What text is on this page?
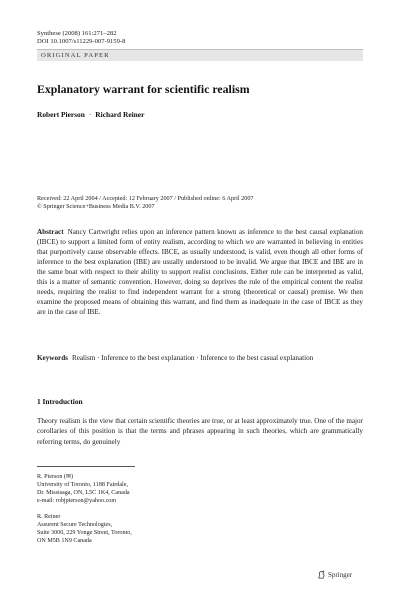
Synthese (2008) 161:271–282
DOI 10.1007/s11229-007-9159-8
ORIGINAL PAPER
Explanatory warrant for scientific realism
Robert Pierson · Richard Reiner
Received: 22 April 2004 / Accepted: 12 February 2007 / Published online: 6 April 2007
© Springer Science+Business Media B.V. 2007
Abstract Nancy Cartwright relies upon an inference pattern known as inference to the best causal explanation (IBCE) to support a limited form of entity realism, according to which we are warranted in believing in entities that purportively cause observable effects. IBCE, as usually understood, is valid, even though all other forms of inference to the best explanation (IBE) are usually understood to be invalid. We argue that IBCE and IBE are in the same boat with respect to their ability to support realist conclusions. Either rule can be interpreted as valid, this is a matter of semantic convention. However, doing so deprives the rule of the empirical content the realist needs, requiring the realist to find independent warrant for a strong (theoretical or causal) premise. We then examine the proposed means of obtaining this warrant, and find them as inadequate in the case of IBCE as they are in the case of IBE.
Keywords Realism · Inference to the best explanation · Inference to the best casual explanation
1 Introduction
Theory realism is the view that certain scientific theories are true, or at least approximately true. One of the major corollaries of this position is that the terms and phrases appearing in such theories, which are grammatically referring terms, do genuinely
R. Pierson (✉)
University of Toronto, 1188 Fairdale,
Dr. Missisaga, ON, L5C 1K4, Canada
e-mail: robjpierson@yahoo.com
R. Reiner
Assurent Secure Technologies,
Suite 3000, 229 Yonge Street, Toronto,
ON M5B 1N9 Canada
Springer
